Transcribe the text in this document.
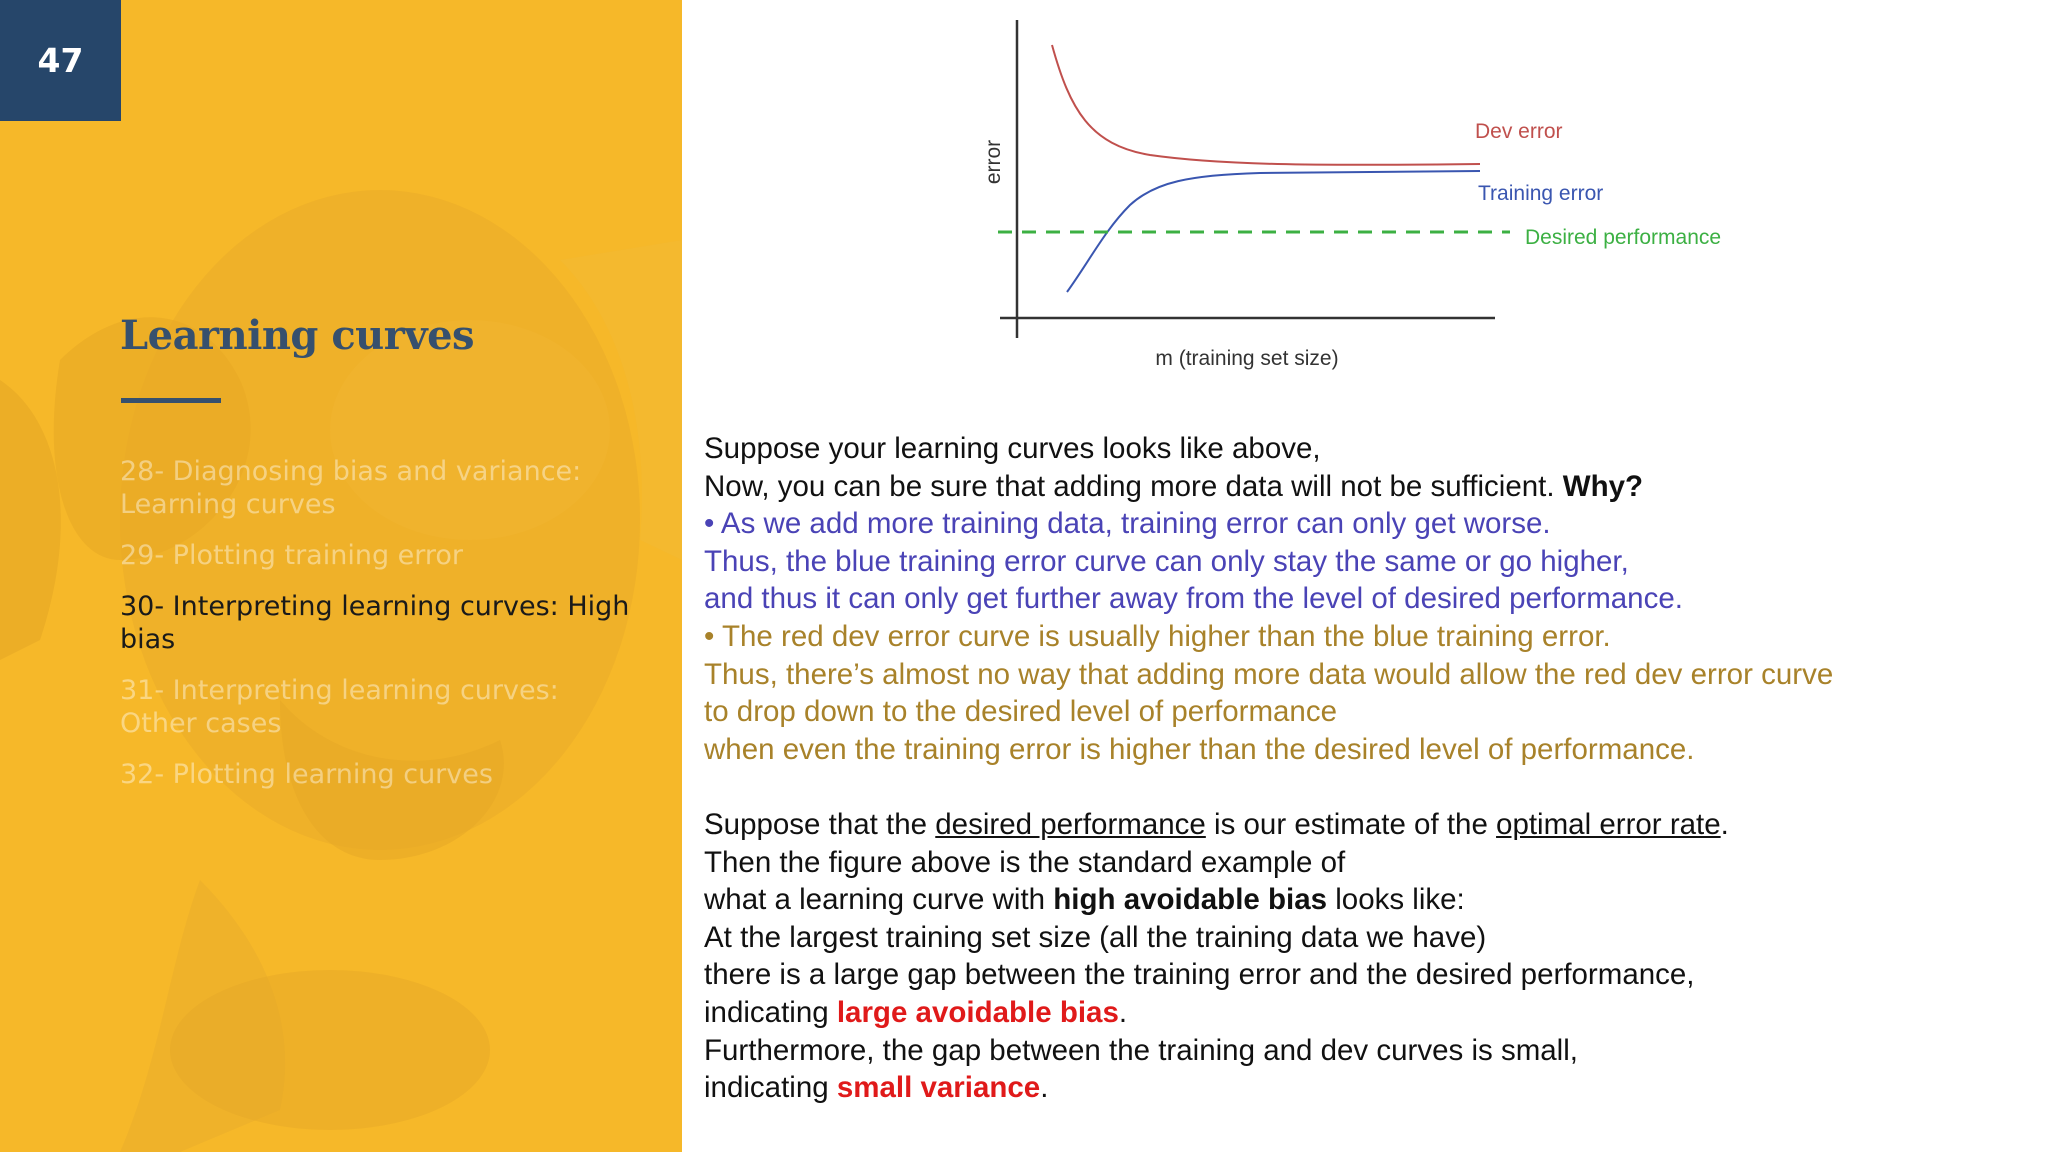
47
Learning curves
28- Diagnosing bias and variance: Learning curves
29- Plotting training error
30- Interpreting learning curves: High bias
31- Interpreting learning curves: Other cases
32- Plotting learning curves
error
m (training set size)
Dev error
Training error
Desired performance
Suppose your learning curves looks like above,
Now, you can be sure that adding more data will not be sufficient. Why?
• As we add more training data, training error can only get worse.
Thus, the blue training error curve can only stay the same or go higher,
and thus it can only get further away from the level of desired performance.
• The red dev error curve is usually higher than the blue training error.
Thus, there’s almost no way that adding more data would allow the red dev error curve
to drop down to the desired level of performance
when even the training error is higher than the desired level of performance.
Suppose that the desired performance is our estimate of the optimal error rate.
Then the figure above is the standard example of
what a learning curve with high avoidable bias looks like:
At the largest training set size (all the training data we have)
there is a large gap between the training error and the desired performance,
indicating large avoidable bias.
Furthermore, the gap between the training and dev curves is small,
indicating small variance.
